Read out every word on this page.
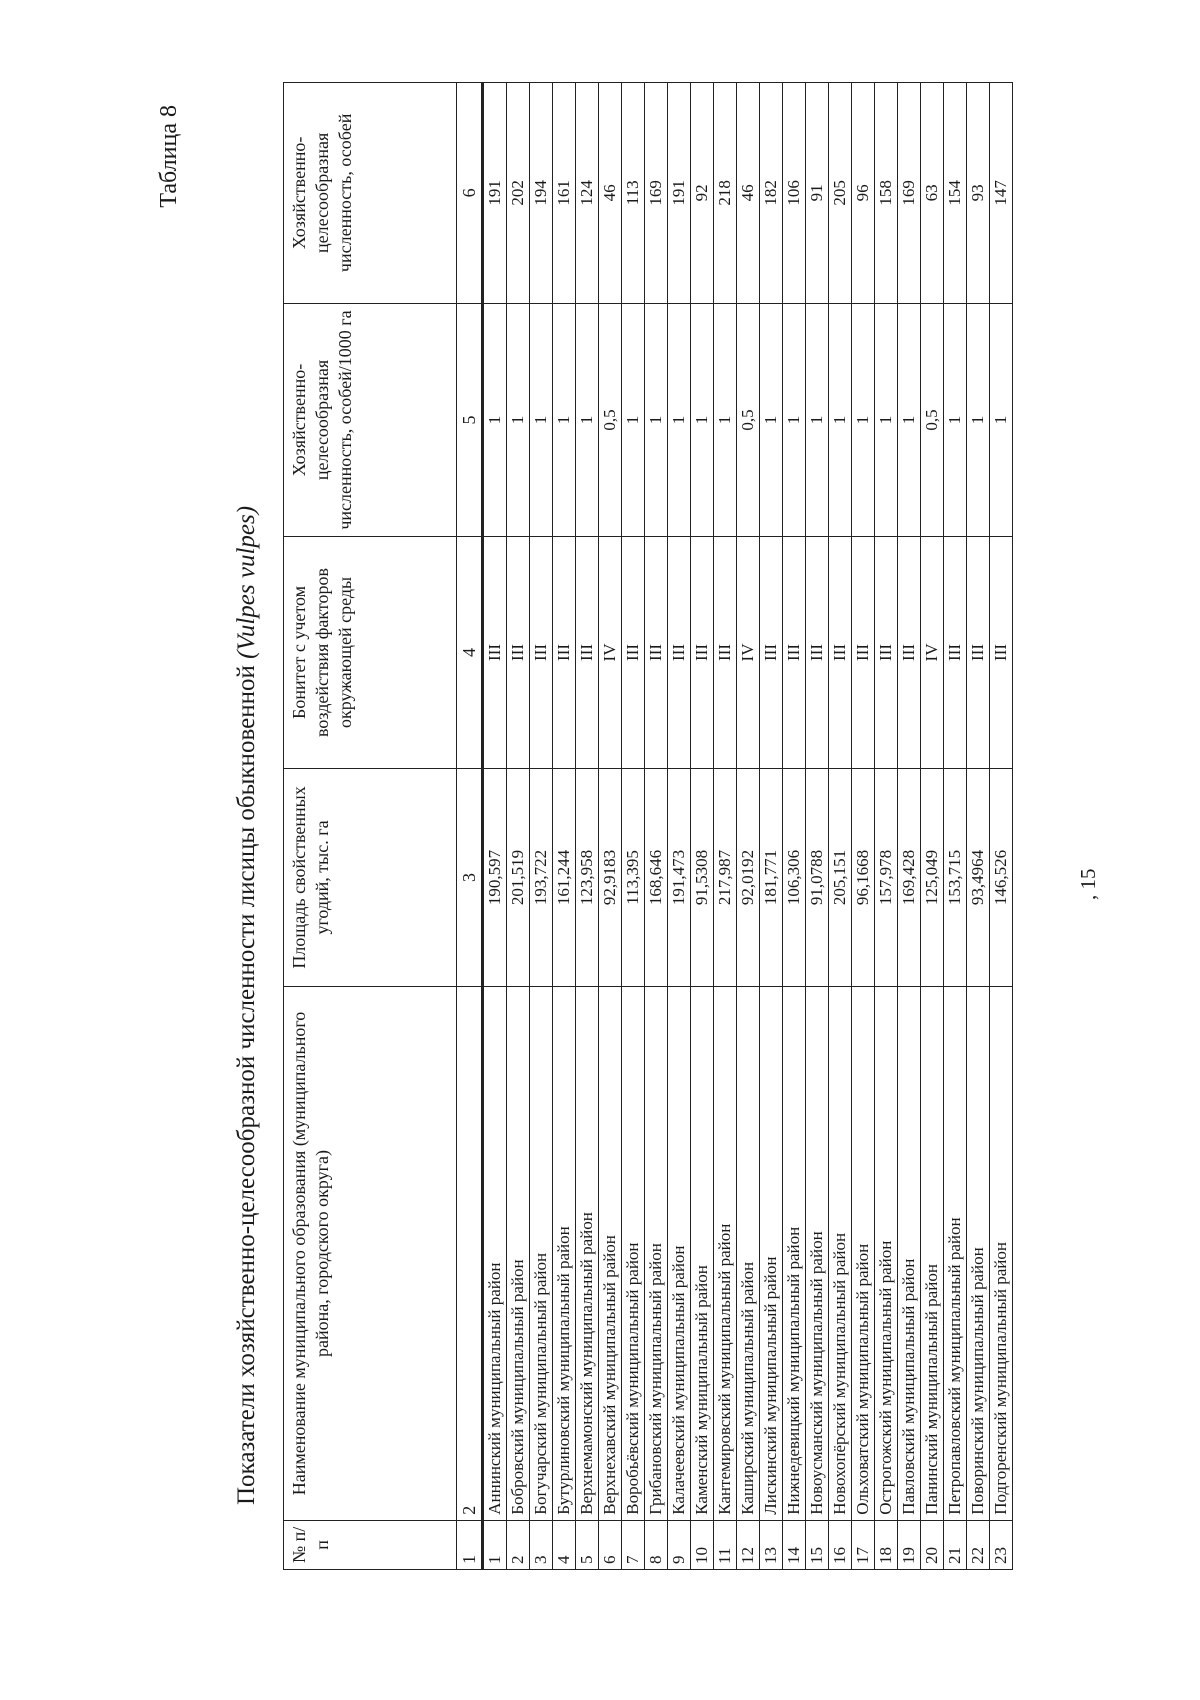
, 15
Таблица 8
Показатели хозяйственно-целесообразной численности лисицы обыкновенной (Vulpes vulpes)
№ п/п	Наименование муниципального образования (муниципального района, городского округа)	Площадь свойственных угодий, тыс. га	Бонитет с учетом воздействия факторов окружающей среды	Хозяйственно-целесообразная численность, особей/1000 га	Хозяйственно-целесообразная численность, особей
1	2	3	4	5	6
1	Аннинский муниципальный район	190,597	III	1	191
2	Бобровский муниципальный район	201,519	III	1	202
3	Богучарский муниципальный район	193,722	III	1	194
4	Бутурлиновский муниципальный район	161,244	III	1	161
5	Верхнемамонский муниципальный район	123,958	III	1	124
6	Верхнехавский муниципальный район	92,9183	IV	0,5	46
7	Воробьёвский муниципальный район	113,395	III	1	113
8	Грибановский муниципальный район	168,646	III	1	169
9	Калачеевский муниципальный район	191,473	III	1	191
10	Каменский муниципальный район	91,5308	III	1	92
11	Кантемировский муниципальный район	217,987	III	1	218
12	Каширский муниципальный район	92,0192	IV	0,5	46
13	Лискинский муниципальный район	181,771	III	1	182
14	Нижнедевицкий муниципальный район	106,306	III	1	106
15	Новоусманский муниципальный район	91,0788	III	1	91
16	Новохопёрский муниципальный район	205,151	III	1	205
17	Ольховатский муниципальный район	96,1668	III	1	96
18	Острогожский муниципальный район	157,978	III	1	158
19	Павловский муниципальный район	169,428	III	1	169
20	Панинский муниципальный район	125,049	IV	0,5	63
21	Петропавловский муниципальный район	153,715	III	1	154
22	Поворинский муниципальный район	93,4964	III	1	93
23	Подгоренский муниципальный район	146,526	III	1	147
